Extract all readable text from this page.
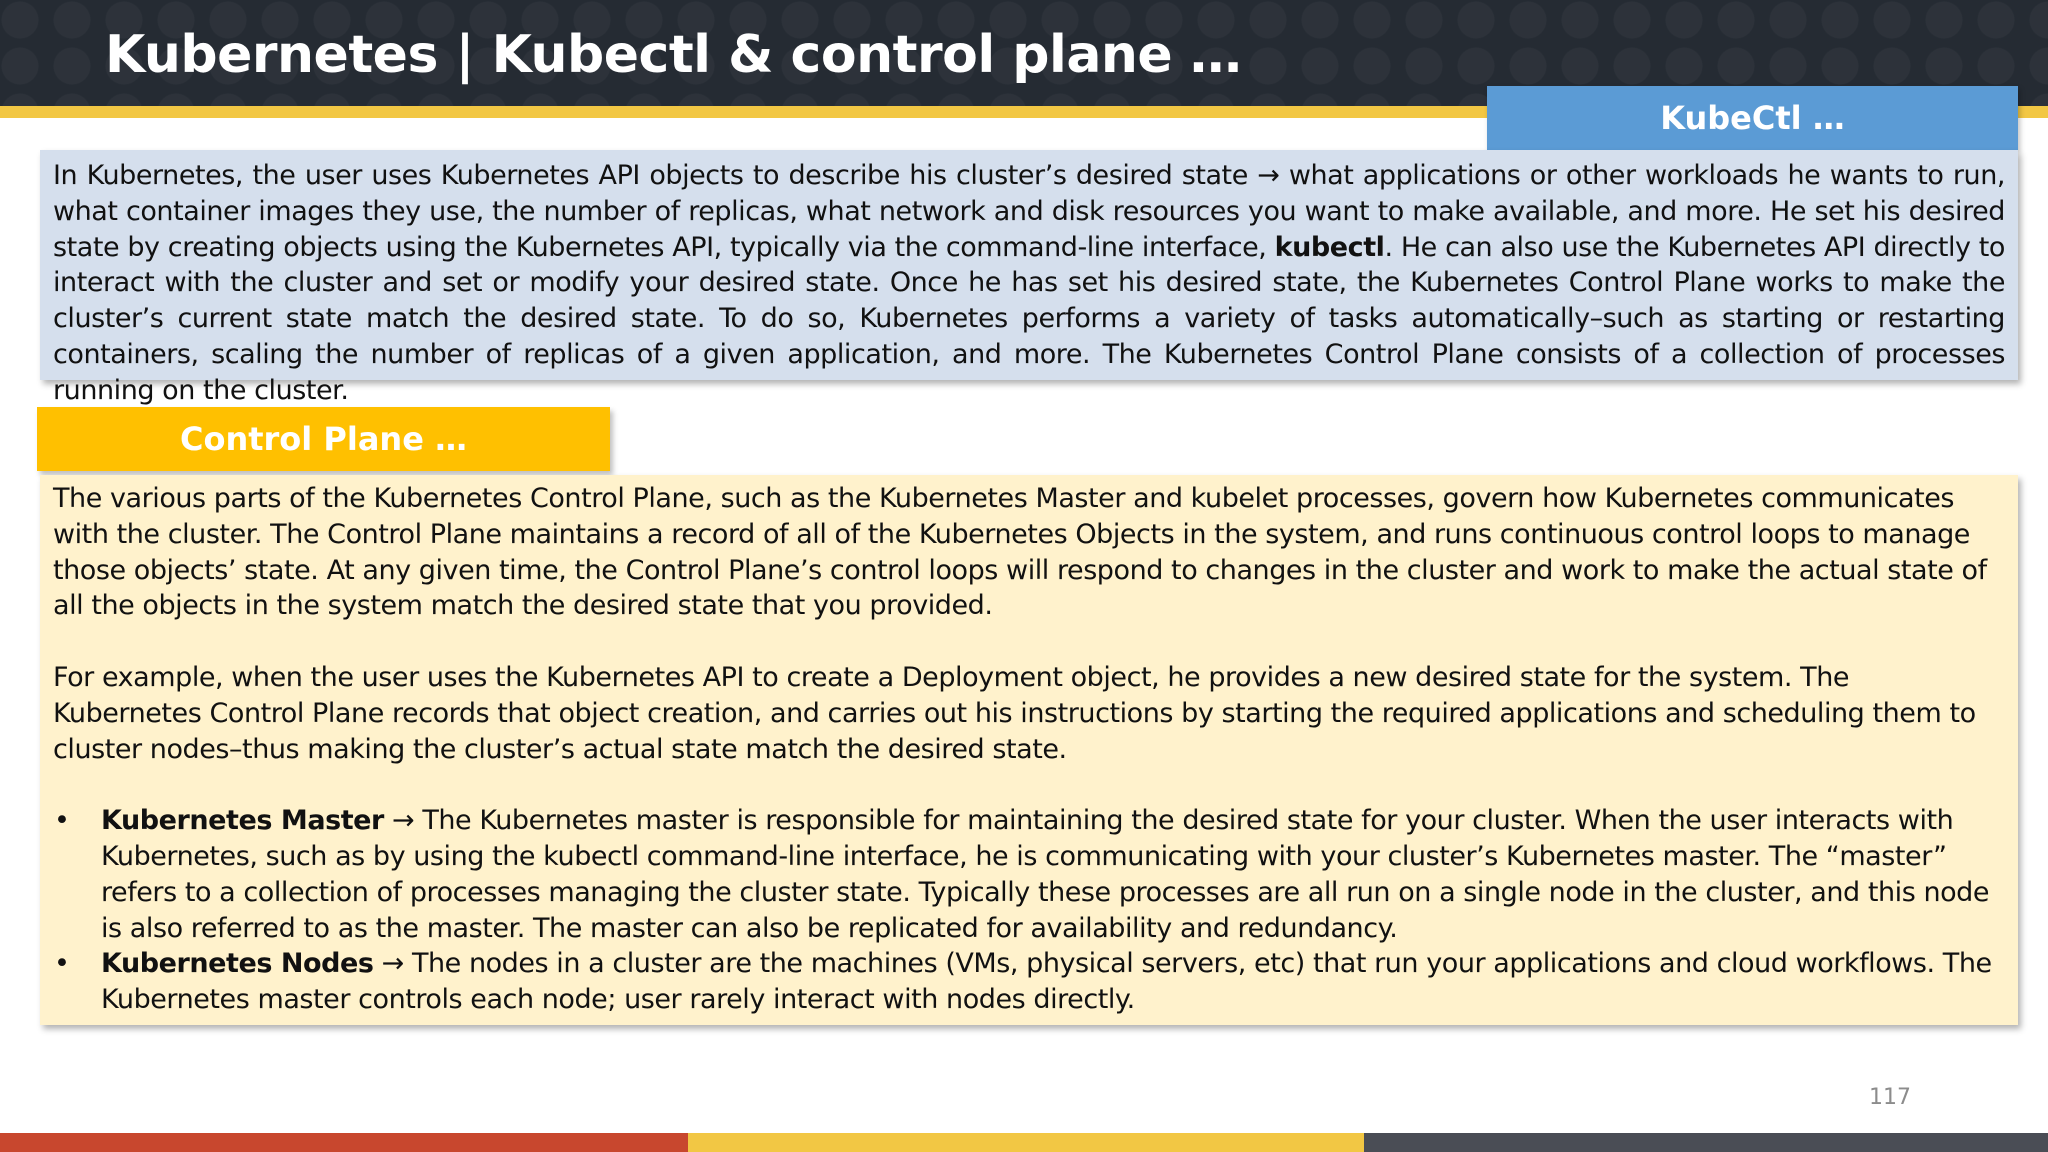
Kubernetes | Kubectl & control plane …
KubeCtl …
In Kubernetes, the user uses Kubernetes API objects to describe his cluster’s desired state → what applications or other workloads he wants to run, what container images they use, the number of replicas, what network and disk resources you want to make available, and more. He set his desired state by creating objects using the Kubernetes API, typically via the command-line interface, kubectl. He can also use the Kubernetes API directly to interact with the cluster and set or modify your desired state. Once he has set his desired state, the Kubernetes Control Plane works to make the cluster’s current state match the desired state. To do so, Kubernetes performs a variety of tasks automatically–such as starting or restarting containers, scaling the number of replicas of a given application, and more. The Kubernetes Control Plane consists of a collection of processes running on the cluster.
Control Plane …

The various parts of the Kubernetes Control Plane, such as the Kubernetes Master and kubelet processes, govern how Kubernetes communicates with the cluster. The Control Plane maintains a record of all of the Kubernetes Objects in the system, and runs continuous control loops to manage those objects’ state. At any given time, the Control Plane’s control loops will respond to changes in the cluster and work to make the actual state of all the objects in the system match the desired state that you provided.

For example, when the user uses the Kubernetes API to create a Deployment object, he provides a new desired state for the system. The Kubernetes Control Plane records that object creation, and carries out his instructions by starting the required applications and scheduling them to cluster nodes–thus making the cluster’s actual state match the desired state.

• Kubernetes Master → The Kubernetes master is responsible for maintaining the desired state for your cluster. When the user interacts with Kubernetes, such as by using the kubectl command-line interface, he is communicating with your cluster’s Kubernetes master. The “master” refers to a collection of processes managing the cluster state. Typically these processes are all run on a single node in the cluster, and this node is also referred to as the master. The master can also be replicated for availability and redundancy.
• Kubernetes Nodes → The nodes in a cluster are the machines (VMs, physical servers, etc) that run your applications and cloud workflows. The Kubernetes master controls each node; user rarely interact with nodes directly.
117
